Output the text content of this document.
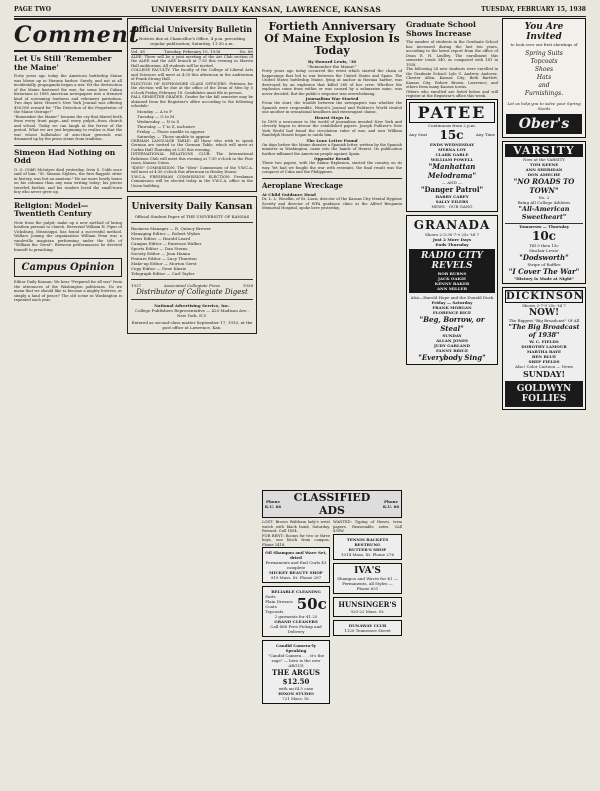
PAGE TWO	UNIVERSITY DAILY KANSAN, LAWRENCE, KANSAS	TUESDAY, FEBRUARY 15, 1938
Comment
Let Us Still 'Remember the Maine'

Forty years ago today the American battleship Maine was blown up in Havana harbor. Surely, and not at all incidentally, propaganda began a war. Yet the destruction of the Maine hastened the war; for some later Cuban historians in 1898 American newspapers into a frenzied kind of screaming loudness and vehement patriotism. Two days later, Hearst's New York Journal was offering $50,000 reward for "The Detection of the Perpetrator of the Maine Outrage!"

"Remember the Maine!" became the cry that blared forth from every front page—and every pulpit—from church and school. Today we can laugh at the fervor of the period. What we are just beginning to realize is that the war whose hullabaloo of arm-chair generals was drummed up by the press stems from tradition.

Simeon Had Nothing on Odd

O. O. (Odd) McIntyre died yesterday. Irvin S. Cobb once said of him: "St. Simeon Stylites, the first flagpole sitter in history, was but an amateur." He sat more lonely hours on his columns than any man writing today; his pieces traveled farther, and his readers loved the small-town boy who never grew up.

Religion: Model—Twentieth Century

Note from the pulpit: make up a new method of luring heathen persons to church. Reverend William H. Piper of Vicksburg, Mississippi, has found a successful method. Wallace joining the organization William Penn was a vaudeville magician performing under the title of "William the Great". Between performances he devoted himself to preaching.

Campus Opinion

Editor Daily Kansan: We hear "Prepared for all war" from the utterances of the Washington politicians. Do we mean that we should like to become a mighty fortress, or simply a land of peace? The old scene in Washington is repeated each year.

Official University Bulletin
Notices due at Chancellor's Office, 4 p.m. preceding regular publication; Saturday, 11:30 a.m.
Vol. 38	Tuesday, February 15, 1938	No. 88

ALEE: There will be a joint meeting of the Art Club section of the ALEE and the ASE branch at 7:30 this evening in Marvin Hall auditorium. All students will be invited.

COLLEGE FACULTY: The faculty of the College of Liberal Arts and Sciences will meet at 4:30 this afternoon in the auditorium of Frank Strong Hall.

ELECTION OF SOPHOMORE CLASS OFFICERS: Petitions for the election will be due at the office of the Dean of Men by 5 o'clock Friday, February 18. Candidates must file in person.

FALL SEMESTER GRADES: Grades for the fall semester may be obtained from the Registrar's office according to the following schedule:

Monday — A to F
Tuesday — G to M
Wednesday — N to S
Thursday — T to Z, inclusive
Friday — Those unable to appear
Saturday — Those unable to appear

GERMAN LANGUAGE TABLE: All those who wish to speak German are invited to the German Table, which will meet at Corbin Hall Thursday at 5:30 this evening.

INTERNATIONAL RELATIONS CLUB: The International Relations Club will meet this evening at 7:30 o'clock in the Pine room, Kansas Union.

"IDEN" COMMISSION: The "Iden" Commission of the Y.W.C.A. will meet at 4:30 o'clock this afternoon in Henley House.

Y.W.C.A. FRESHMAN COMMISSION ELECTION: Freshman Commission will be elected today in the Y.W.C.A. office in the Union building.

University Daily Kansan
Official Student Paper of THE UNIVERSITY OF KANSAS
Business Manager — R. Quincy Brewer
Managing Editor — Robert Wykes
News Editor — Harold Leard
Campus Editor — Emerson Walker
Sports Editor — Dan Sterns
Society Editor — Jean Hanna
Feature Editor — Lucy Thurston
Make-up Editor — Morton Gerst
Copy Editor — Gene Kinzie
Telegraph Editor — Carl Taylor
1937	Associated Collegiate Press	1938
Distributor of Collegiate Digest
National Advertising Service, Inc.
College Publishers Representative — 420 Madison Ave., New York, N.Y.
Entered as second-class matter September 17, 1910, at the post office at Lawrence, Kan.
Fortieth Anniversary Of Maine Explosion Is Today
By Howard Lewis, '38
"Remember the Maine!"

Forty years ago today occurred the event which started the chain of happenings that led to war between the United States and Spain. The United States battleship Maine, lying at anchor in Havana harbor, was destroyed by an explosion that killed 260 of her crew. Whether the explosion came from within or was caused by a submarine mine, was never decided. But the public's response was overwhelming.

Journalism War Started

From the start, the trouble between the newspapers was whether the Spanish were responsible. Hearst's Journal and Pulitzer's World rivaled one another in sensational headlines and extravagant claims.

Hearst Steps In

In 1895 a newcomer to the world of journalism invaded New York and cleverly began to devour the established papers. Joseph Pulitzer's New York World had found the circulation value of war, and now William Randolph Hearst began to outdo him.

The Lone Letter Found

On days before the Maine disaster a Spanish letter, written by the Spanish minister in Washington, came into the hands of Hearst. Its publication further inflamed the American people against Spain.

Opposite Result

These two papers, with the Maine Explosion, started the country on its way. Yet had we fought the war with restraint, the final result was the conquest of Cuba and the Philippines.

Aeroplane Wreckage
At Child Guidance Head

Dr. L. L. Woodlin, of St. Louis, director of the Kansas City Mental Hygiene Society and director of WPA guidance clinic at the Alfred Benjamin Memorial Hospital, spoke here yesterday.

Phone
K.U. 66
CLASSIFIED ADS
Phone
K.U. 66

LOST: Brown Waltham lady's wrist watch with black band, Saturday. Reward. Call 1854.

FOR RENT: Rooms for two or three boys, one block from campus. Phone 2418.

Oil Shampoo and Wave Set, dried
Permanents and End Curls $3 complete
MICKEY BEAUTY SHOP
919 Mass. St. Phone 287
RELIABLE CLEANING
Suits
Plain Dresses
Coats
Topcoats 50c
2 garments for $1.25
GRAND CLEANERS
Call 488 Free Pickup and Delivery
Candid Camera-ly Speaking
"Candid Camera . . . it's the rage" — here is the new ARGUS
THE ARGUS
$12.50
with an f4.5 case
HIXON STUDIO
721 Mass. St.

WANTED: Typing of theses, term papers. Reasonable rates. Call 839W.

TENNIS RACKETS RESTRUNG
RUTTER'S SHOP
1014 Mass. St. Phone 276
IVA'S
Shampoo and Waves for $1 — Permanents, all Styles — Phone 631
HUNSINGER'S
920-22 Mass. St.
DUNAWAY CLUB
1120 Tennessee Street
Graduate School Shows Increase

The number of students in the Graduate School has increased during the last ten years, according to the latest report from the office of Dean E. H. Lindley. The enrollment this semester totals 340, as compared with 181 in 1928.

The following 28 new students were enrolled in the Graduate School: Lyle G. Andrew, Andover; Chester Allen, Kansas City; Beth Bartlett, Kansas City; Robert Brown, Lawrence; and others from many Kansas towns.

Others who enrolled are listed below and will register at the Registrar's office this week.

PATEE
Continuous from 2 p.m.
Any Seat 15c	Any Time
ENDS WEDNESDAY
MYRNA LOY
CLARK GABLE
WILLIAM POWELL
"Manhattan Melodrama"
— AND —
"Danger Patrol"
HARRY CAREY
SALLY EILERS
NEWS - OUR GANG
GRANADA
Shows 2-3:30-7-9 25c 'til 7
Just 2 More Days
Ends Thursday
RADIO CITY REVELS
BOB BURNS
JACK OAKIE
KENNY BAKER
ANN MILLER
Also—Harold Hope and the Donald Duck
Friday — Saturday
FRANK MORGAN
FLORENCE RICE
"Beg, Borrow, or Steal"
SUNDAY
ALLAN JONES
JUDY GARLAND
FANNY BRICE
"Everybody Sing"
You Are Invited
to look over our first showings of
Spring Suits
Topcoats
Shoes
Hats
and
Furnishings.
Let us help you to solve your Spring Needs
Ober's
VARSITY
Now at the VARSITY
TOM KEENE
ANN SHERIDAN
DON AMECHE
"NO ROADS TO TOWN"
No. 2
Bring All College Athletes
"All-American Sweetheart"
Tomorrow — Thursday
10c
Till 9 then 15c
Sinclair Lewis'
"Dodsworth"
Stripe of Ruffles
"I Cover The War"
"History Is Made at Night"
DICKINSON
Shows 2-7-9 25c 'til 7
NOW!
The Biggest "Big Broadcast" Of All
"The Big Broadcast of 1938"
W. C. FIELDS
DOROTHY LAMOUR
MARTHA RAYE
BEN BLUE
SHEP FIELDS
Also! Color Cartoon — News
SUNDAY!
GOLDWYN FOLLIES
